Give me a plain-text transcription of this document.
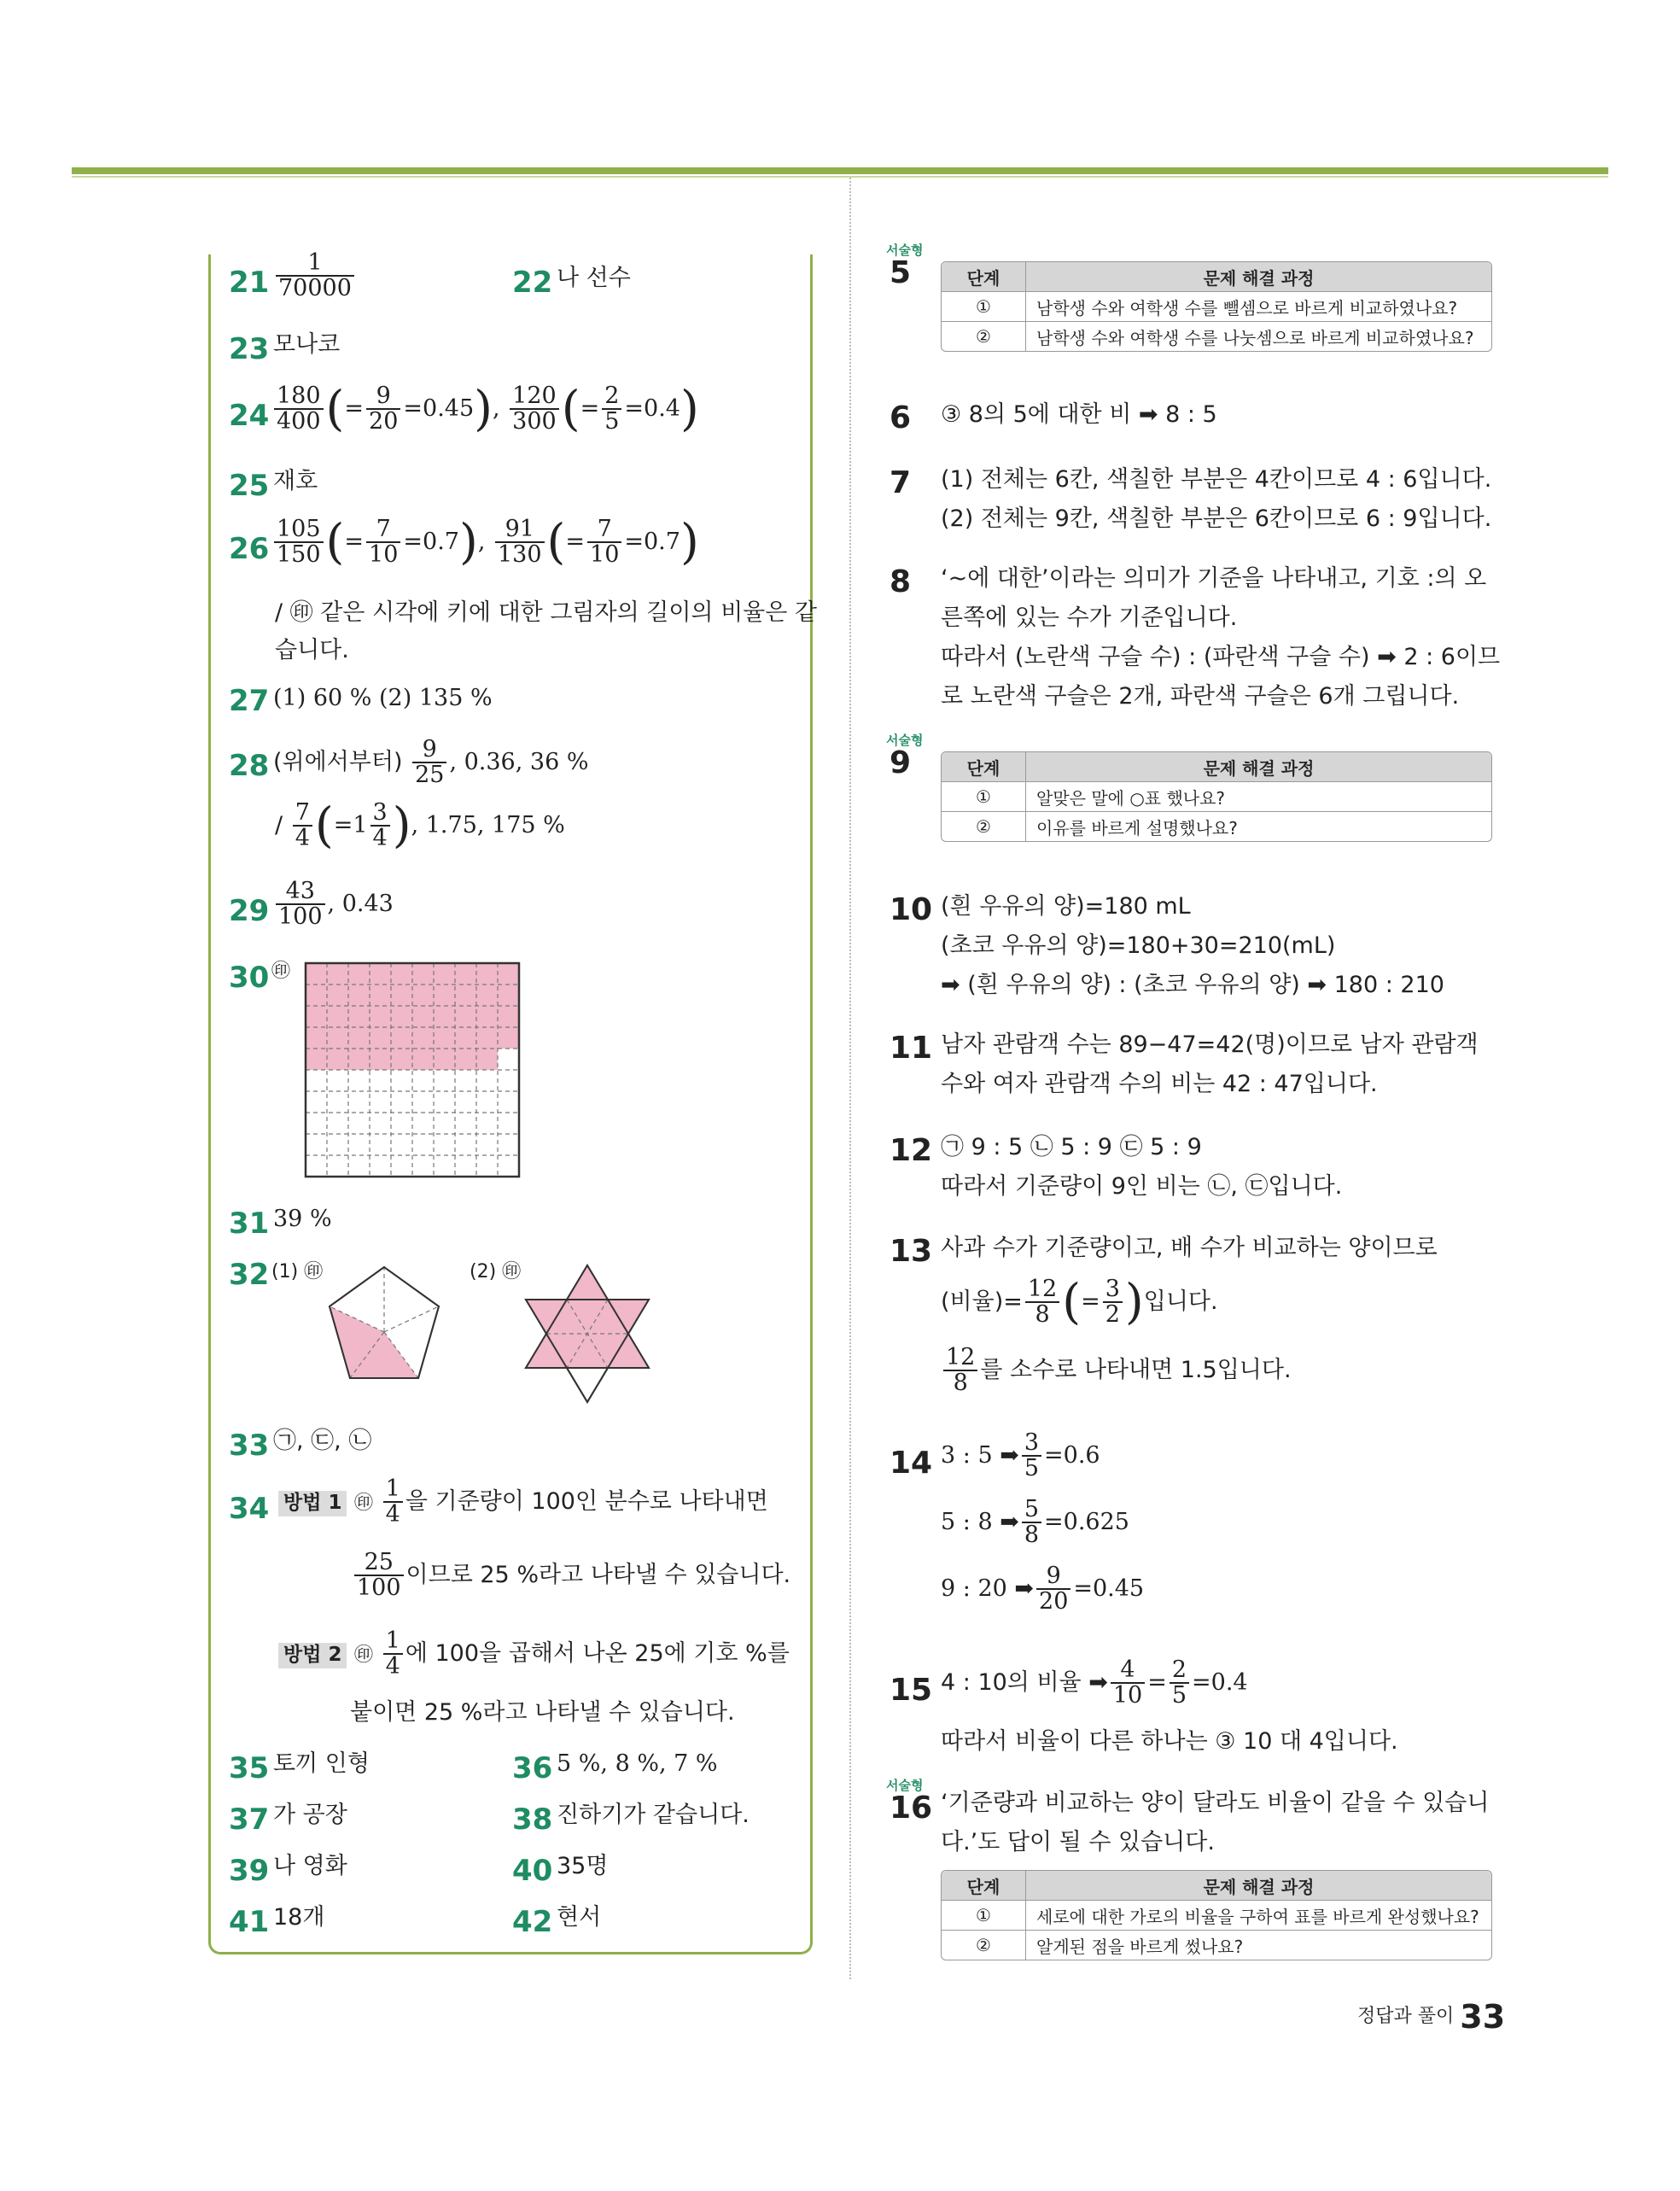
$21 \frac{1}{70000}$	22 나 선수
23 모나코
$24 \frac{180}{400}$ (= $\frac{9}{20} =0.45$), $\frac{120}{300}$ (= $\frac{2}{5} =0.4$)
25 재호
$26 \frac{105}{150}$ (= $\frac{7}{10} =0.7$), $\frac{91}{130}$ (= $\frac{7}{10} =0.7$)
/ ㊞ 같은 시각에 키에 대한 그림자의 길이의 비율은 같
습니다.
27 (1) 60 % (2) 135 %
28 (위에서부터) $\frac{9}{25}$ , 0.36, 36 %
/ $\frac{7}{4} (=1 \frac{3}{4}$ ), 1.75, 175 %
$29 \frac{43}{100}$ , 0.43
30 ㊞
31 39 %
32 (1) ㊞	(2) ㊞
33 ㉠, ㉢, ㉡
34 방법 1 ㊞ $\frac{1}{4}$ 을 기준량이 100인 분수로 나타내면
$\frac{25}{100}$ 이므로 25 %라고 나타낼 수 있습니다.
방법 2 ㊞ $\frac{1}{4}$ 에 100을 곱해서 나온 25에 기호 %를
붙이면 25 %라고 나타낼 수 있습니다.
35 토끼 인형	36 5 %, 8 %, 7 %
37 가 공장	38 진하기가 같습니다.
39 나 영화	40 35명
41 18개	42 현서
서술형
5	단계	문제 해결 과정
①	남학생 수와 여학생 수를 뺄셈으로 바르게 비교하였나요?
②	남학생 수와 여학생 수를 나눗셈으로 바르게 비교하였나요?
6 ③ 8의 5에 대한 비 ➡ 8 : 5
7 (1) 전체는 6칸, 색칠한 부분은 4칸이므로 4 : 6입니다.
(2) 전체는 9칸, 색칠한 부분은 6칸이므로 6 : 9입니다.
8 ‘~에 대한’이라는 의미가 기준을 나타내고, 기호 :의 오
른쪽에 있는 수가 기준입니다.
따라서 (노란색 구슬 수) : (파란색 구슬 수) ➡ 2 : 6이므
로 노란색 구슬은 2개, 파란색 구슬은 6개 그립니다.
서술형
9	단계	문제 해결 과정
①	알맞은 말에 ○표 했나요?
②	이유를 바르게 설명했나요?
10 (흰 우유의 양)=180 mL
(초코 우유의 양)=180+30=210(mL)
➡ (흰 우유의 양) : (초코 우유의 양) ➡ 180 : 210
11 남자 관람객 수는 89−47=42(명)이므로 남자 관람객
수와 여자 관람객 수의 비는 42 : 47입니다.
12 ㉠ 9 : 5 ㉡ 5 : 9 ㉢ 5 : 9
따라서 기준량이 9인 비는 ㉡, ㉢입니다.
13 사과 수가 기준량이고, 배 수가 비교하는 양이므로
(비율)= $\frac{12}{8}$ (= $\frac{3}{2}$ )입니다.
$\frac{12}{8}$ 를 소수로 나타내면 1.5입니다.
14 3 : 5 ➡ $\frac{3}{5} =0.6$
5 : 8 ➡ $\frac{5}{8} =0.625$
9 : 20 ➡ $\frac{9}{20} =0.45$
15 4 : 10의 비율 ➡ $\frac{4}{10} = \frac{2}{5} =0.4$
따라서 비율이 다른 하나는 ③ 10 대 4입니다.
서술형
16 ‘기준량과 비교하는 양이 달라도 비율이 같을 수 있습니
다.’도 답이 될 수 있습니다.
단계	문제 해결 과정
①	세로에 대한 가로의 비율을 구하여 표를 바르게 완성했나요?
②	알게된 점을 바르게 썼나요?
정답과 풀이 33
